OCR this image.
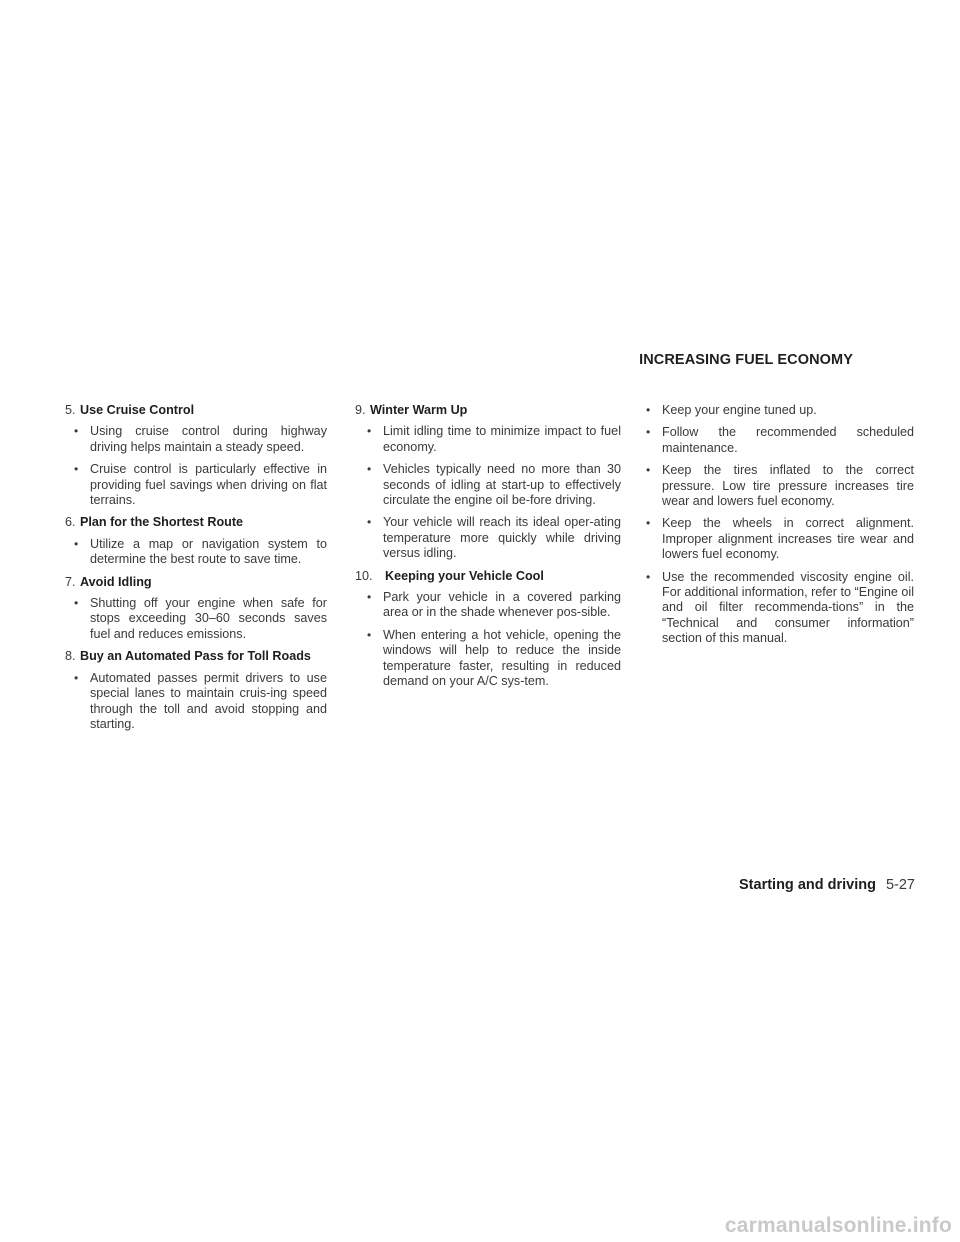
INCREASING FUEL ECONOMY
5. Use Cruise Control
• Using cruise control during highway driving helps maintain a steady speed.
• Cruise control is particularly effective in providing fuel savings when driving on flat terrains.
6. Plan for the Shortest Route
• Utilize a map or navigation system to determine the best route to save time.
7. Avoid Idling
• Shutting off your engine when safe for stops exceeding 30–60 seconds saves fuel and reduces emissions.
8. Buy an Automated Pass for Toll Roads
• Automated passes permit drivers to use special lanes to maintain cruis-ing speed through the toll and avoid stopping and starting.
9. Winter Warm Up
• Limit idling time to minimize impact to fuel economy.
• Vehicles typically need no more than 30 seconds of idling at start-up to effectively circulate the engine oil be-fore driving.
• Your vehicle will reach its ideal oper-ating temperature more quickly while driving versus idling.
10. Keeping your Vehicle Cool
• Park your vehicle in a covered parking area or in the shade whenever pos-sible.
• When entering a hot vehicle, opening the windows will help to reduce the inside temperature faster, resulting in reduced demand on your A/C sys-tem.
• Keep your engine tuned up.
• Follow the recommended scheduled maintenance.
• Keep the tires inflated to the correct pressure. Low tire pressure increases tire wear and lowers fuel economy.
• Keep the wheels in correct alignment. Improper alignment increases tire wear and lowers fuel economy.
• Use the recommended viscosity engine oil. For additional information, refer to “Engine oil and oil filter recommenda-tions” in the “Technical and consumer information” section of this manual.
Starting and driving 5-27
carmanualsonline.info
